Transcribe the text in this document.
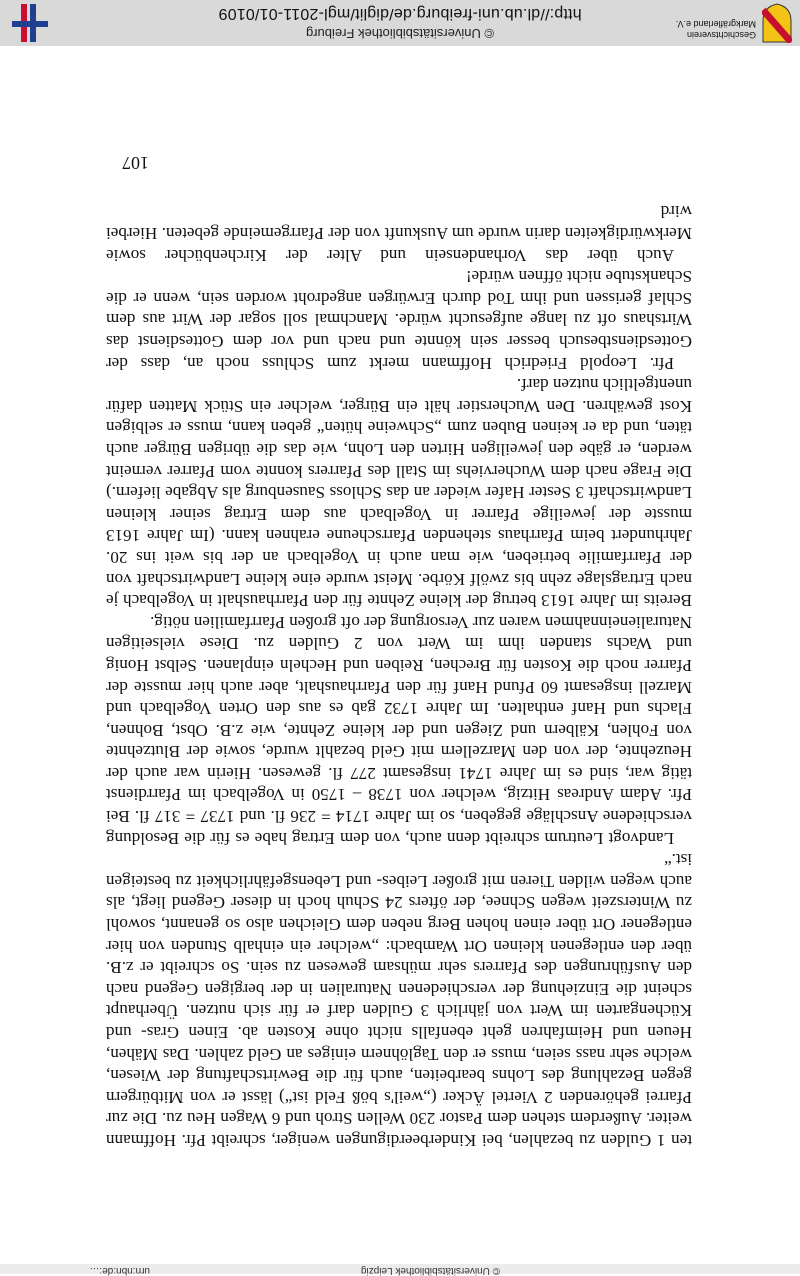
© Universitätsbibliothek Leipzig
urn:nbn:de:…

ten 1 Gulden zu bezahlen, bei Kinderbeerdigungen weniger, schreibt Pfr. Hoffmann weiter. Außerdem stehen dem Pastor 230 Wellen Stroh und 6 Wagen Heu zu. Die zur Pfarrei gehörenden 2 Viertel Äcker („weil's böß Feld ist“) lässt er von Mitbürgern gegen Bezahlung des Lohns bearbeiten, auch für die Bewirtschaftung der Wiesen, welche sehr nass seien, muss er den Taglöhnern einiges an Geld zahlen. Das Mähen, Heuen und Heimfahren geht ebenfalls nicht ohne Kosten ab. Einen Gras- und Küchengarten im Wert von jährlich 3 Gulden darf er für sich nutzen. Überhaupt scheint die Einziehung der verschiedenen Naturalien in der bergigen Gegend nach den Ausführungen des Pfarrers sehr mühsam gewesen zu sein. So schreibt er z.B. über den entlegenen kleinen Ort Wambach: „welcher ein einhalb Stunden von hier entlegener Ort über einen hohen Berg neben dem Gleichen also so genannt, sowohl zu Winterszeit wegen Schnee, der öfters 24 Schuh hoch in dieser Gegend liegt, als auch wegen wilden Tieren mit großer Leibes- und Lebensgefährlichkeit zu besteigen ist.“

Landvogt Leutrum schreibt denn auch, von dem Ertrag habe es für die Besoldung verschiedene Anschläge gegeben, so im Jahre 1714 = 236 fl. und 1737 = 317 fl. Bei Pfr. Adam Andreas Hitzig, welcher von 1738 – 1750 in Vogelbach im Pfarrdienst tätig war, sind es im Jahre 1741 insgesamt 277 fl. gewesen. Hierin war auch der Heuzehnte, der von den Marzellern mit Geld bezahlt wurde, sowie der Blutzehnte von Fohlen, Kälbern und Ziegen und der kleine Zehnte, wie z.B. Obst, Bohnen, Flachs und Hanf enthalten. Im Jahre 1732 gab es aus den Orten Vogelbach und Marzell insgesamt 60 Pfund Hanf für den Pfarrhaushalt, aber auch hier musste der Pfarrer noch die Kosten für Brechen, Reiben und Hecheln einplanen. Selbst Honig und Wachs standen ihm im Wert von 2 Gulden zu. Diese vielseitigen Naturalieneinnahmen waren zur Versorgung der oft großen Pfarrfamilien nötig.

Bereits im Jahre 1613 betrug der kleine Zehnte für den Pfarrhaushalt in Vogelbach je nach Ertragslage zehn bis zwölf Körbe. Meist wurde eine kleine Landwirtschaft von der Pfarrfamilie betrieben, wie man auch in Vogelbach an der bis weit ins 20. Jahrhundert beim Pfarrhaus stehenden Pfarrscheune erahnen kann. (Im Jahre 1613 musste der jeweilige Pfarrer in Vogelbach aus dem Ertrag seiner kleinen Landwirtschaft 3 Sester Hafer wieder an das Schloss Sausenburg als Abgabe liefern.) Die Frage nach dem Wucherviehs im Stall des Pfarrers konnte vom Pfarrer verneint werden, er gäbe den jeweiligen Hirten den Lohn, wie das die übrigen Bürger auch täten, und da er keinen Buben zum „Schweine hüten“ geben kann, muss er selbigen Kost gewähren. Den Wucherstier hält ein Bürger, welcher ein Stück Matten dafür unentgeltlich nutzen darf.

Pfr. Leopold Friedrich Hoffmann merkt zum Schluss noch an, dass der Gottesdienstbesuch besser sein könnte und nach und vor dem Gottesdienst das Wirtshaus oft zu lange aufgesucht würde. Manchmal soll sogar der Wirt aus dem Schlaf gerissen und ihm Tod durch Erwürgen angedroht worden sein, wenn er die Schankstube nicht öffnen würde!

Auch über das Vorhandensein und Alter der Kirchenbücher sowie Merkwürdigkeiten darin wurde um Auskunft von der Pfarrgemeinde gebeten. Hierbei wird

107
Geschichtsverein
Markgräflerland e.V.
© Universitätsbibliothek Freiburg
http://dl.ub.uni-freiburg.de/diglit/mgl-2011-01/0109
